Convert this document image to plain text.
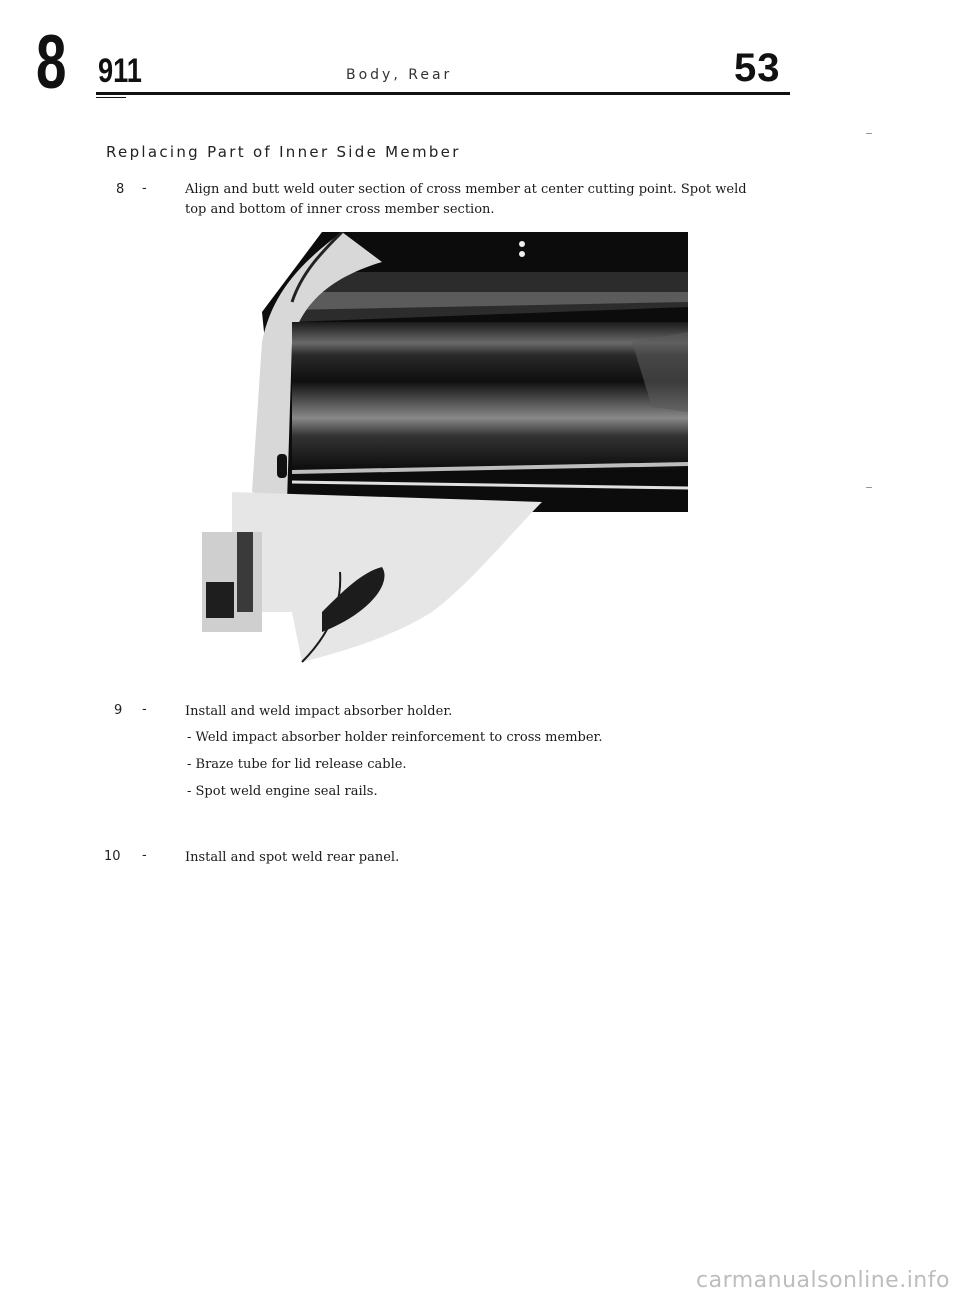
8 911	Body, Rear	53
Replacing Part of Inner Side Member
8 -	Align and butt weld outer section of cross member at center cutting point. Spot weld
top and bottom of inner cross member section.
9 -	Install and weld impact absorber holder.
- Weld impact absorber holder reinforcement to cross member.
- Braze tube for lid release cable.
- Spot weld engine seal rails.
10 -	Install and spot weld rear panel.
carmanualsonline.info
